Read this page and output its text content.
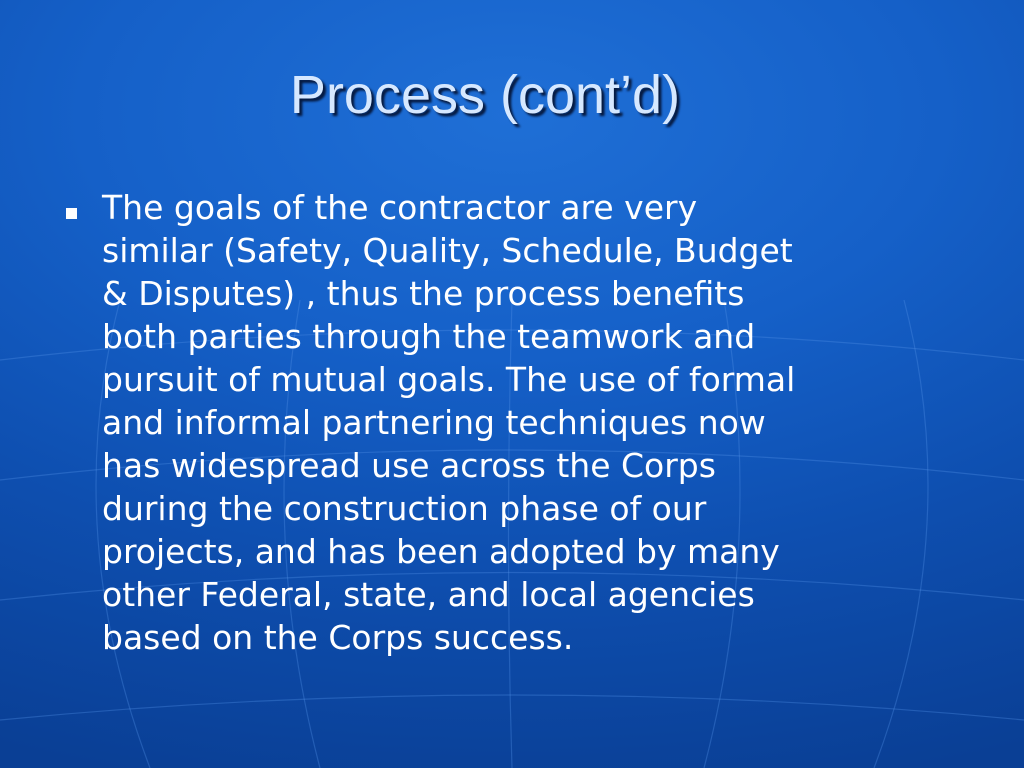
Process (cont’d)
The goals of the contractor are very
similar (Safety, Quality, Schedule, Budget
& Disputes) , thus the process benefits
both parties through the teamwork and
pursuit of mutual goals. The use of formal
and informal partnering techniques now
has widespread use across the Corps
during the construction phase of our
projects, and has been adopted by many
other Federal, state, and local agencies
based on the Corps success.
